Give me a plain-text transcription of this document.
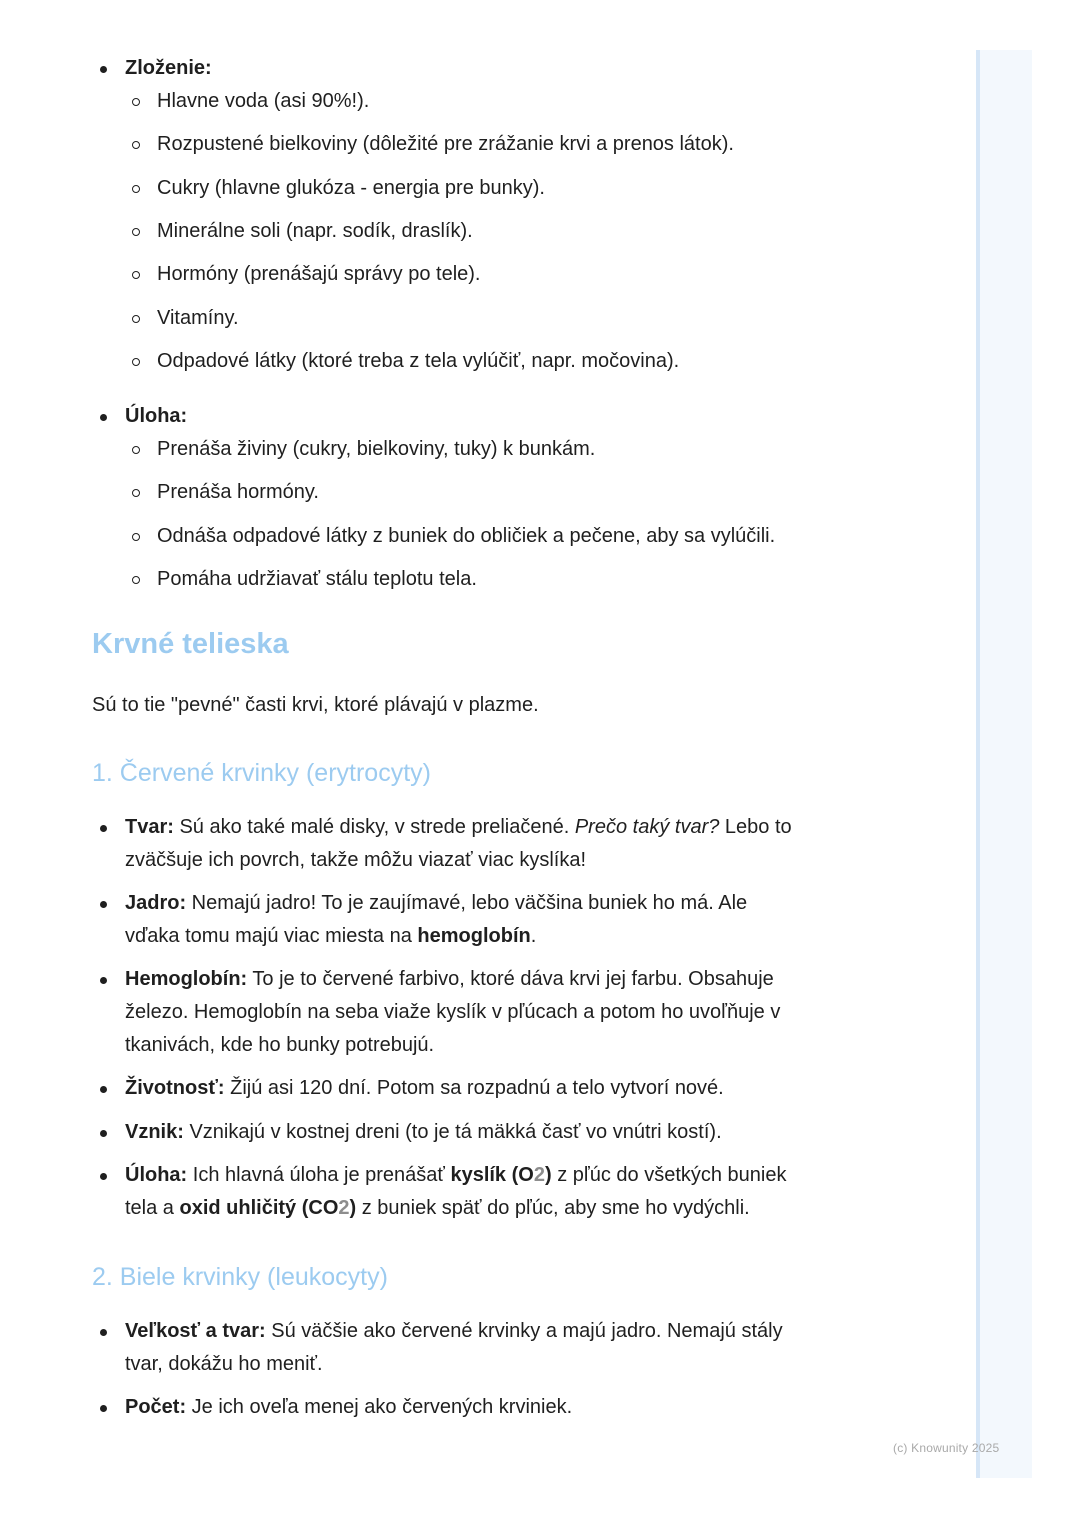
(c) Knowunity 2025
Zloženie:
Hlavne voda (asi 90%!).
Rozpustené bielkoviny (dôležité pre zrážanie krvi a prenos látok).
Cukry (hlavne glukóza - energia pre bunky).
Minerálne soli (napr. sodík, draslík).
Hormóny (prenášajú správy po tele).
Vitamíny.
Odpadové látky (ktoré treba z tela vylúčiť, napr. močovina).
Úloha:
Prenáša živiny (cukry, bielkoviny, tuky) k bunkám.
Prenáša hormóny.
Odnáša odpadové látky z buniek do obličiek a pečene, aby sa vylúčili.
Pomáha udržiavať stálu teplotu tela.
Krvné telieska
Sú to tie "pevné" časti krvi, ktoré plávajú v plazme.
1. Červené krvinky (erytrocyty)
Tvar: Sú ako také malé disky, v strede preliačené. Prečo taký tvar? Lebo to
zväčšuje ich povrch, takže môžu viazať viac kyslíka!
Jadro: Nemajú jadro! To je zaujímavé, lebo väčšina buniek ho má. Ale
vďaka tomu majú viac miesta na hemoglobín.
Hemoglobín: To je to červené farbivo, ktoré dáva krvi jej farbu. Obsahuje
železo. Hemoglobín na seba viaže kyslík v pľúcach a potom ho uvoľňuje v
tkanivách, kde ho bunky potrebujú.
Životnosť: Žijú asi 120 dní. Potom sa rozpadnú a telo vytvorí nové.
Vznik: Vznikajú v kostnej dreni (to je tá mäkká časť vo vnútri kostí).
Úloha: Ich hlavná úloha je prenášať kyslík (O2) z pľúc do všetkých buniek
tela a oxid uhličitý (CO2) z buniek späť do pľúc, aby sme ho vydýchli.
2. Biele krvinky (leukocyty)
Veľkosť a tvar: Sú väčšie ako červené krvinky a majú jadro. Nemajú stály
tvar, dokážu ho meniť.
Počet: Je ich oveľa menej ako červených krviniek.
